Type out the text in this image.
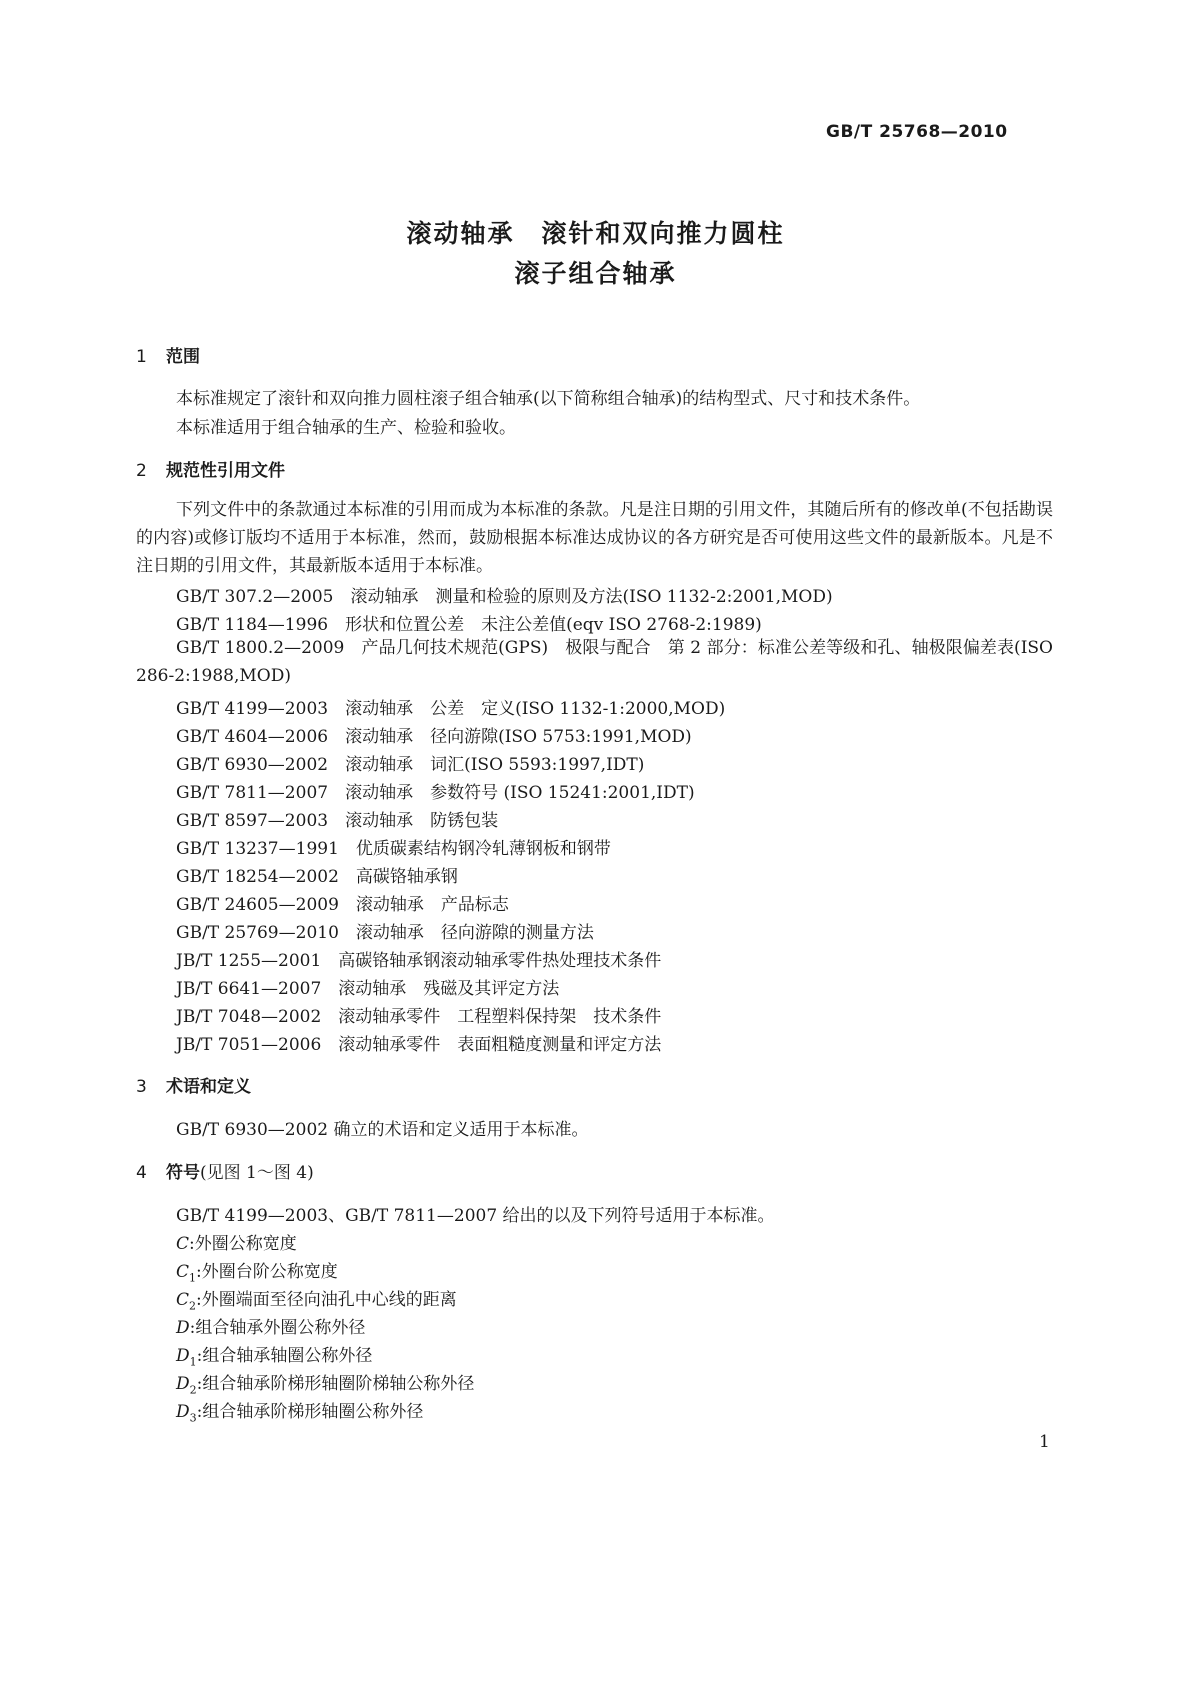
GB/T 25768—2010
滚动轴承　滚针和双向推力圆柱
滚子组合轴承
1 范围
本标准规定了滚针和双向推力圆柱滚子组合轴承(以下简称组合轴承)的结构型式、尺寸和技术条件。
本标准适用于组合轴承的生产、检验和验收。
2 规范性引用文件
下列文件中的条款通过本标准的引用而成为本标准的条款。凡是注日期的引用文件，其随后所有的修改单(不包括勘误的内容)或修订版均不适用于本标准，然而，鼓励根据本标准达成协议的各方研究是否可使用这些文件的最新版本。凡是不注日期的引用文件，其最新版本适用于本标准。
GB/T 307.2—2005　滚动轴承　测量和检验的原则及方法(ISO 1132-2:2001,MOD)
GB/T 1184—1996　形状和位置公差　未注公差值(eqv ISO 2768-2:1989)
GB/T 1800.2—2009　产品几何技术规范(GPS)　极限与配合　第 2 部分：标准公差等级和孔、轴极限偏差表(ISO 286-2:1988,MOD)
GB/T 4199—2003　滚动轴承　公差　定义(ISO 1132-1:2000,MOD)
GB/T 4604—2006　滚动轴承　径向游隙(ISO 5753:1991,MOD)
GB/T 6930—2002　滚动轴承　词汇(ISO 5593:1997,IDT)
GB/T 7811—2007　滚动轴承　参数符号 (ISO 15241:2001,IDT)
GB/T 8597—2003　滚动轴承　防锈包装
GB/T 13237—1991　优质碳素结构钢冷轧薄钢板和钢带
GB/T 18254—2002　高碳铬轴承钢
GB/T 24605—2009　滚动轴承　产品标志
GB/T 25769—2010　滚动轴承　径向游隙的测量方法
JB/T 1255—2001　高碳铬轴承钢滚动轴承零件热处理技术条件
JB/T 6641—2007　滚动轴承　残磁及其评定方法
JB/T 7048—2002　滚动轴承零件　工程塑料保持架　技术条件
JB/T 7051—2006　滚动轴承零件　表面粗糙度测量和评定方法
3 术语和定义
GB/T 6930—2002 确立的术语和定义适用于本标准。
4 符号(见图 1～图 4)
GB/T 4199—2003、GB/T 7811—2007 给出的以及下列符号适用于本标准。
C:外圈公称宽度
$C_1$:外圈台阶公称宽度
$C_2$:外圈端面至径向油孔中心线的距离
D:组合轴承外圈公称外径
$D_1$:组合轴承轴圈公称外径
$D_2$:组合轴承阶梯形轴圈阶梯轴公称外径
$D_3$:组合轴承阶梯形轴圈公称外径
1
